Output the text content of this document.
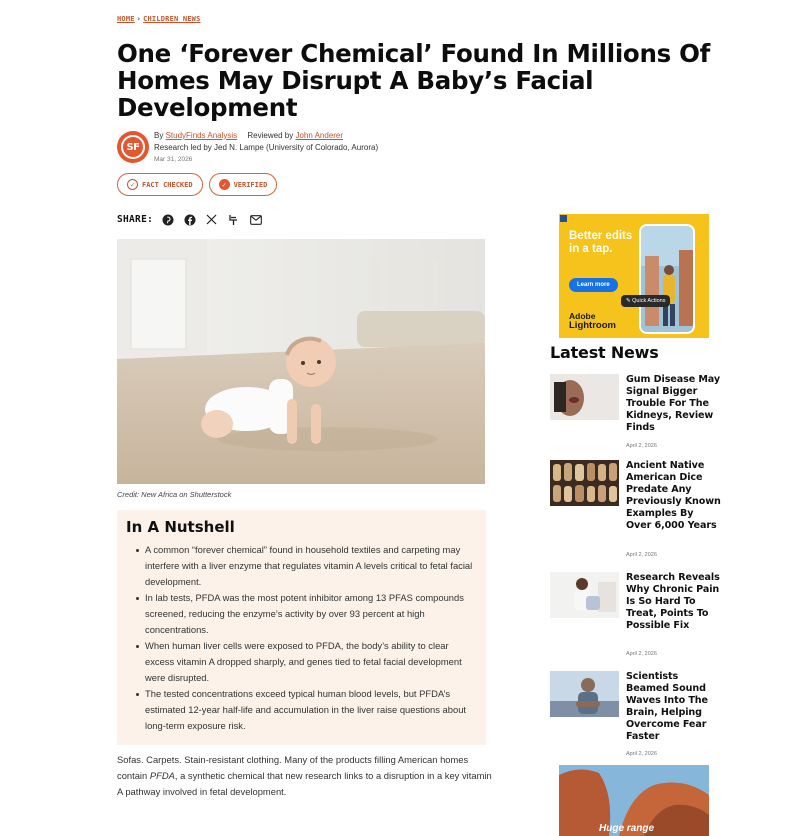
HOME › CHILDREN NEWS
One ‘Forever Chemical’ Found In Millions Of Homes May Disrupt A Baby’s Facial Development
SF
By StudyFinds Analysis Reviewed by John Anderer
Research led by Jed N. Lampe (University of Colorado, Aurora)
Mar 31, 2026
✓	FACT CHECKED	✓	VERIFIED
SHARE:
Credit: New Africa on Shutterstock
In A Nutshell
A common “forever chemical” found in household textiles and carpeting may interfere with a liver enzyme that regulates vitamin A levels critical to fetal facial development.
In lab tests, PFDA was the most potent inhibitor among 13 PFAS compounds screened, reducing the enzyme’s activity by over 93 percent at high concentrations.
When human liver cells were exposed to PFDA, the body’s ability to clear excess vitamin A dropped sharply, and genes tied to fetal facial development were disrupted.
The tested concentrations exceed typical human blood levels, but PFDA’s estimated 12-year half-life and accumulation in the liver raise questions about long-term exposure risk.

Sofas. Carpets. Stain-resistant clothing. Many of the products filling American homes contain PFDA, a synthetic chemical that new research links to a disruption in a key vitamin A pathway involved in fetal development.

Better edits in a tap.
Learn more
✎ Quick Actions
Adobe
Lightroom
Latest News
Gum Disease May Signal Bigger Trouble For The Kidneys, Review Finds
April 2, 2026
Ancient Native American Dice Predate Any Previously Known Examples By Over 6,000 Years
April 2, 2026
Research Reveals Why Chronic Pain Is So Hard To Treat, Points To Possible Fix
April 2, 2026
Scientists Beamed Sound Waves Into The Brain, Helping Overcome Fear Faster
April 2, 2026
Huge range
